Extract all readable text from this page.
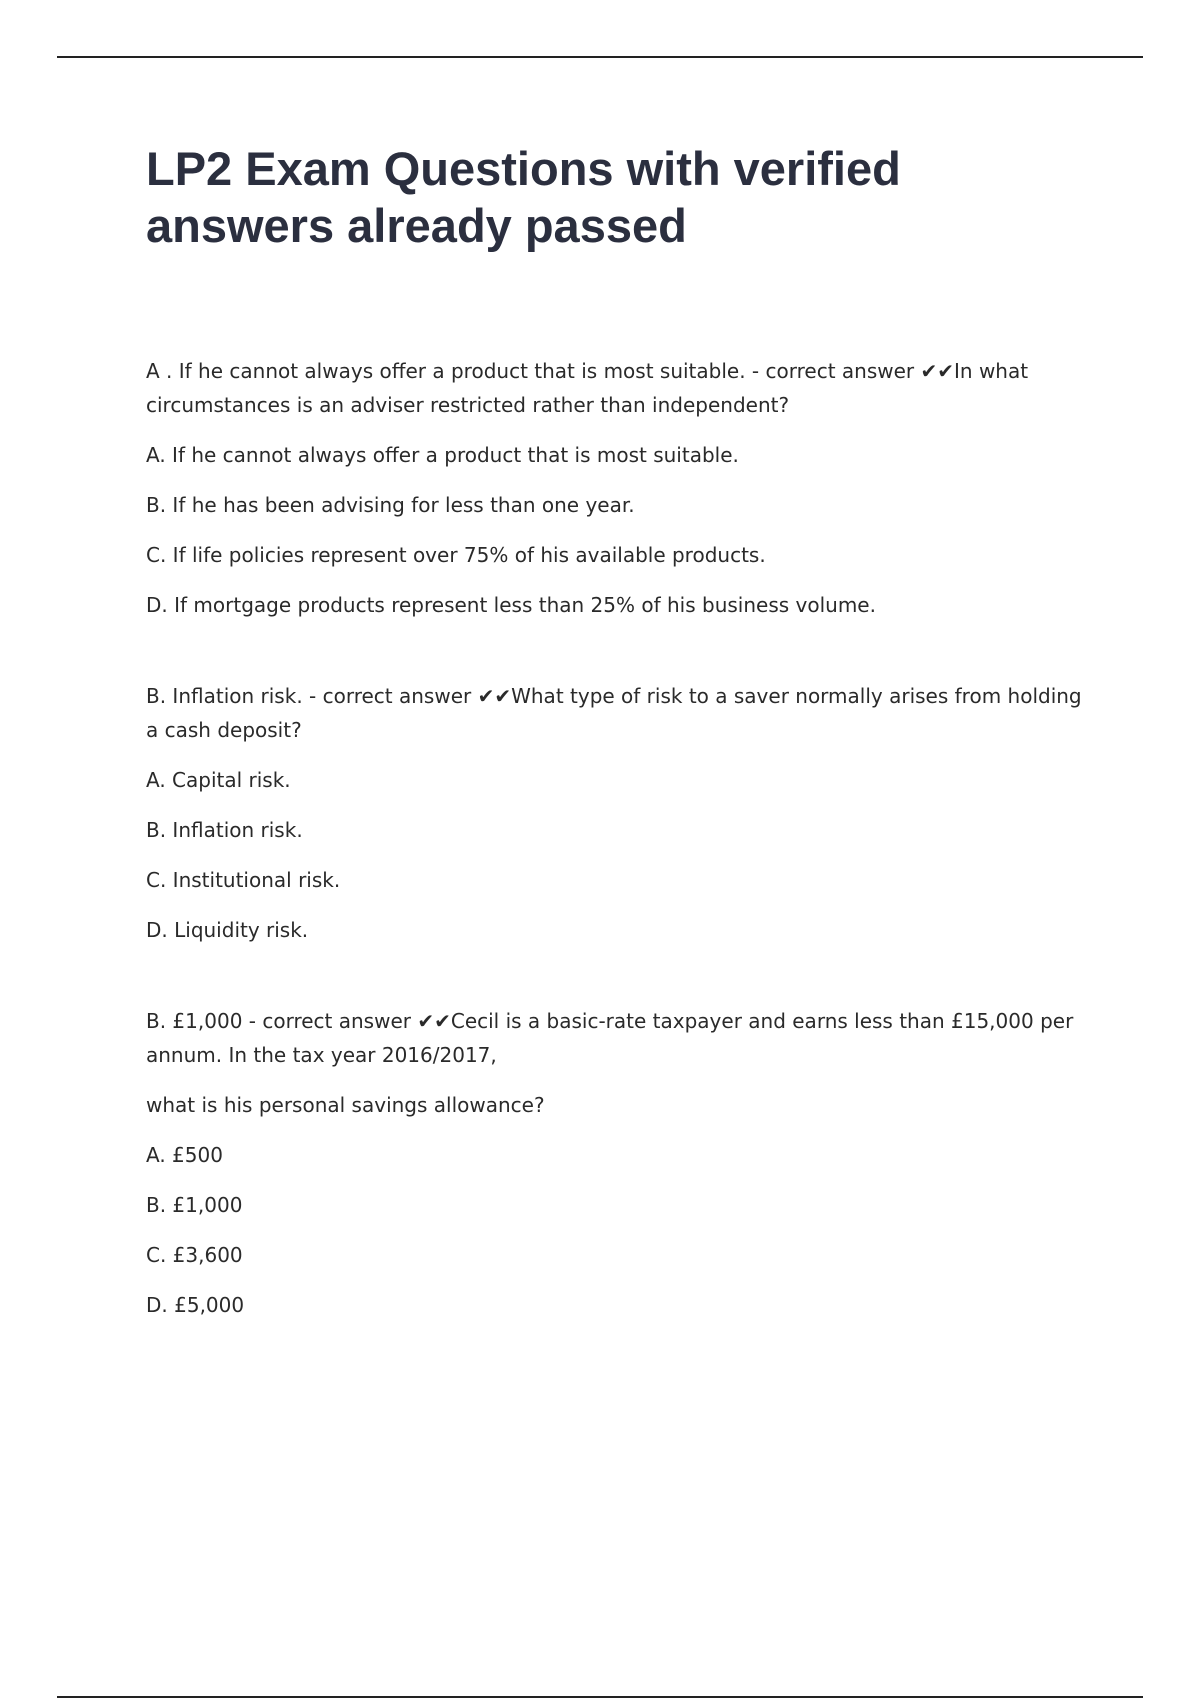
LP2 Exam Questions with verified answers already passed

A . If he cannot always offer a product that is most suitable. - correct answer ✔✔In what circumstances is an adviser restricted rather than independent?

A. If he cannot always offer a product that is most suitable.

B. If he has been advising for less than one year.

C. If life policies represent over 75% of his available products.

D. If mortgage products represent less than 25% of his business volume.

B. Inflation risk. - correct answer ✔✔What type of risk to a saver normally arises from holding a cash deposit?

A. Capital risk.

B. Inflation risk.

C. Institutional risk.

D. Liquidity risk.

B. £1,000 - correct answer ✔✔Cecil is a basic-rate taxpayer and earns less than £15,000 per annum. In the tax year 2016/2017,

what is his personal savings allowance?

A. £500

B. £1,000

C. £3,600

D. £5,000
